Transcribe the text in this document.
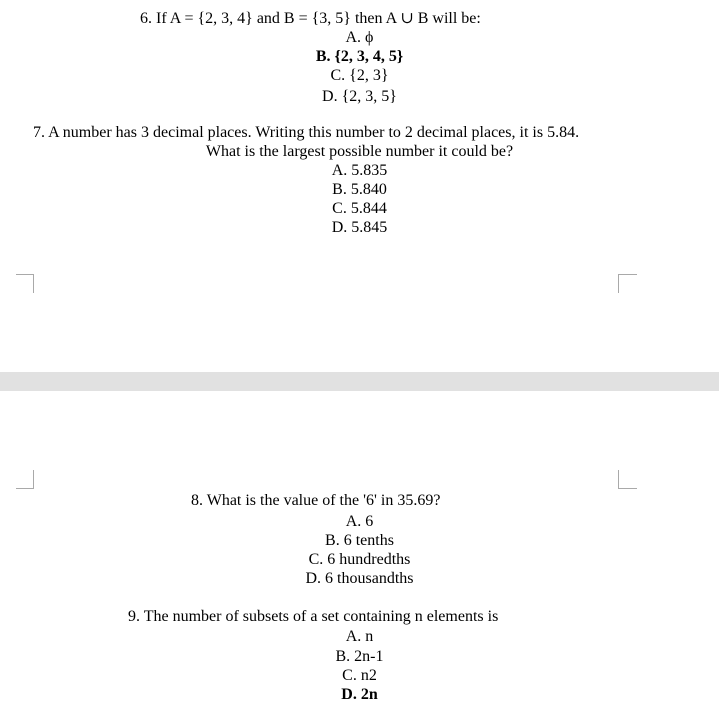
6. If A = {2, 3, 4} and B = {3, 5} then A ∪ B will be:
A. ϕ
B. {2, 3, 4, 5}
C. {2, 3}
D. {2, 3, 5}
7. A number has 3 decimal places. Writing this number to 2 decimal places, it is 5.84.
What is the largest possible number it could be?
A. 5.835
B. 5.840
C. 5.844
D. 5.845
8. What is the value of the '6' in 35.69?
A. 6
B. 6 tenths
C. 6 hundredths
D. 6 thousandths
9. The number of subsets of a set containing n elements is
A. n
B. 2n-1
C. n2
D. 2n
